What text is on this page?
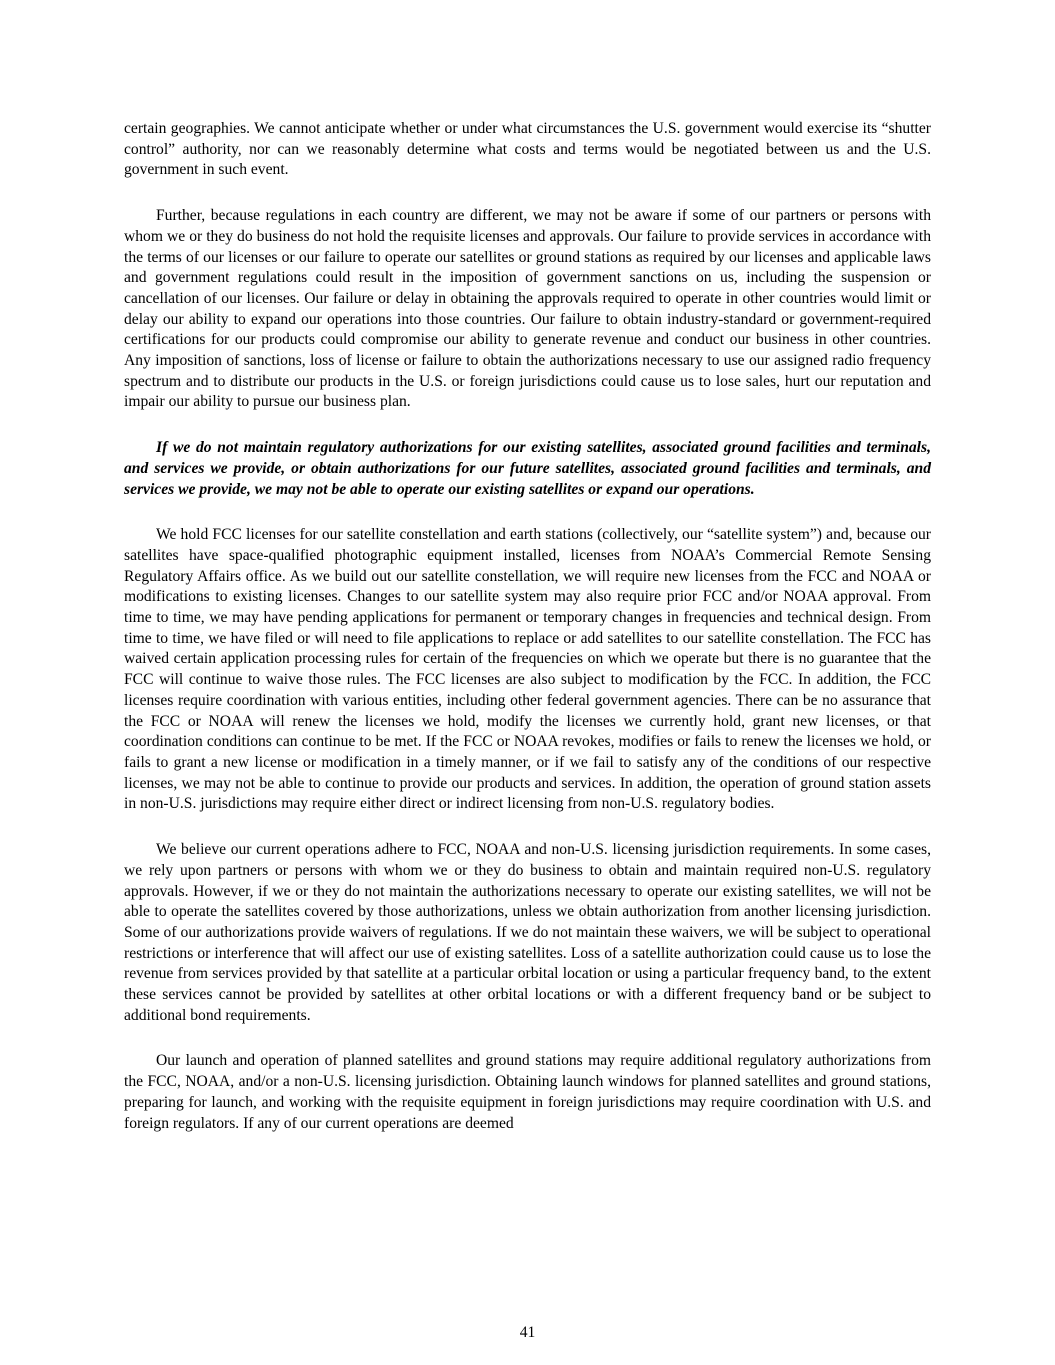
certain geographies. We cannot anticipate whether or under what circumstances the U.S. government would exercise its “shutter control” authority, nor can we reasonably determine what costs and terms would be negotiated between us and the U.S. government in such event.

Further, because regulations in each country are different, we may not be aware if some of our partners or persons with whom we or they do business do not hold the requisite licenses and approvals. Our failure to provide services in accordance with the terms of our licenses or our failure to operate our satellites or ground stations as required by our licenses and applicable laws and government regulations could result in the imposition of government sanctions on us, including the suspension or cancellation of our licenses. Our failure or delay in obtaining the approvals required to operate in other countries would limit or delay our ability to expand our operations into those countries. Our failure to obtain industry-standard or government-required certifications for our products could compromise our ability to generate revenue and conduct our business in other countries. Any imposition of sanctions, loss of license or failure to obtain the authorizations necessary to use our assigned radio frequency spectrum and to distribute our products in the U.S. or foreign jurisdictions could cause us to lose sales, hurt our reputation and impair our ability to pursue our business plan.

If we do not maintain regulatory authorizations for our existing satellites, associated ground facilities and terminals, and services we provide, or obtain authorizations for our future satellites, associated ground facilities and terminals, and services we provide, we may not be able to operate our existing satellites or expand our operations.

We hold FCC licenses for our satellite constellation and earth stations (collectively, our “satellite system”) and, because our satellites have space-qualified photographic equipment installed, licenses from NOAA’s Commercial Remote Sensing Regulatory Affairs office. As we build out our satellite constellation, we will require new licenses from the FCC and NOAA or modifications to existing licenses. Changes to our satellite system may also require prior FCC and/or NOAA approval. From time to time, we may have pending applications for permanent or temporary changes in frequencies and technical design. From time to time, we have filed or will need to file applications to replace or add satellites to our satellite constellation. The FCC has waived certain application processing rules for certain of the frequencies on which we operate but there is no guarantee that the FCC will continue to waive those rules. The FCC licenses are also subject to modification by the FCC. In addition, the FCC licenses require coordination with various entities, including other federal government agencies. There can be no assurance that the FCC or NOAA will renew the licenses we hold, modify the licenses we currently hold, grant new licenses, or that coordination conditions can continue to be met. If the FCC or NOAA revokes, modifies or fails to renew the licenses we hold, or fails to grant a new license or modification in a timely manner, or if we fail to satisfy any of the conditions of our respective licenses, we may not be able to continue to provide our products and services. In addition, the operation of ground station assets in non-U.S. jurisdictions may require either direct or indirect licensing from non-U.S. regulatory bodies.

We believe our current operations adhere to FCC, NOAA and non-U.S. licensing jurisdiction requirements. In some cases, we rely upon partners or persons with whom we or they do business to obtain and maintain required non-U.S. regulatory approvals. However, if we or they do not maintain the authorizations necessary to operate our existing satellites, we will not be able to operate the satellites covered by those authorizations, unless we obtain authorization from another licensing jurisdiction. Some of our authorizations provide waivers of regulations. If we do not maintain these waivers, we will be subject to operational restrictions or interference that will affect our use of existing satellites. Loss of a satellite authorization could cause us to lose the revenue from services provided by that satellite at a particular orbital location or using a particular frequency band, to the extent these services cannot be provided by satellites at other orbital locations or with a different frequency band or be subject to additional bond requirements.

Our launch and operation of planned satellites and ground stations may require additional regulatory authorizations from the FCC, NOAA, and/or a non-U.S. licensing jurisdiction. Obtaining launch windows for planned satellites and ground stations, preparing for launch, and working with the requisite equipment in foreign jurisdictions may require coordination with U.S. and foreign regulators. If any of our current operations are deemed

41
